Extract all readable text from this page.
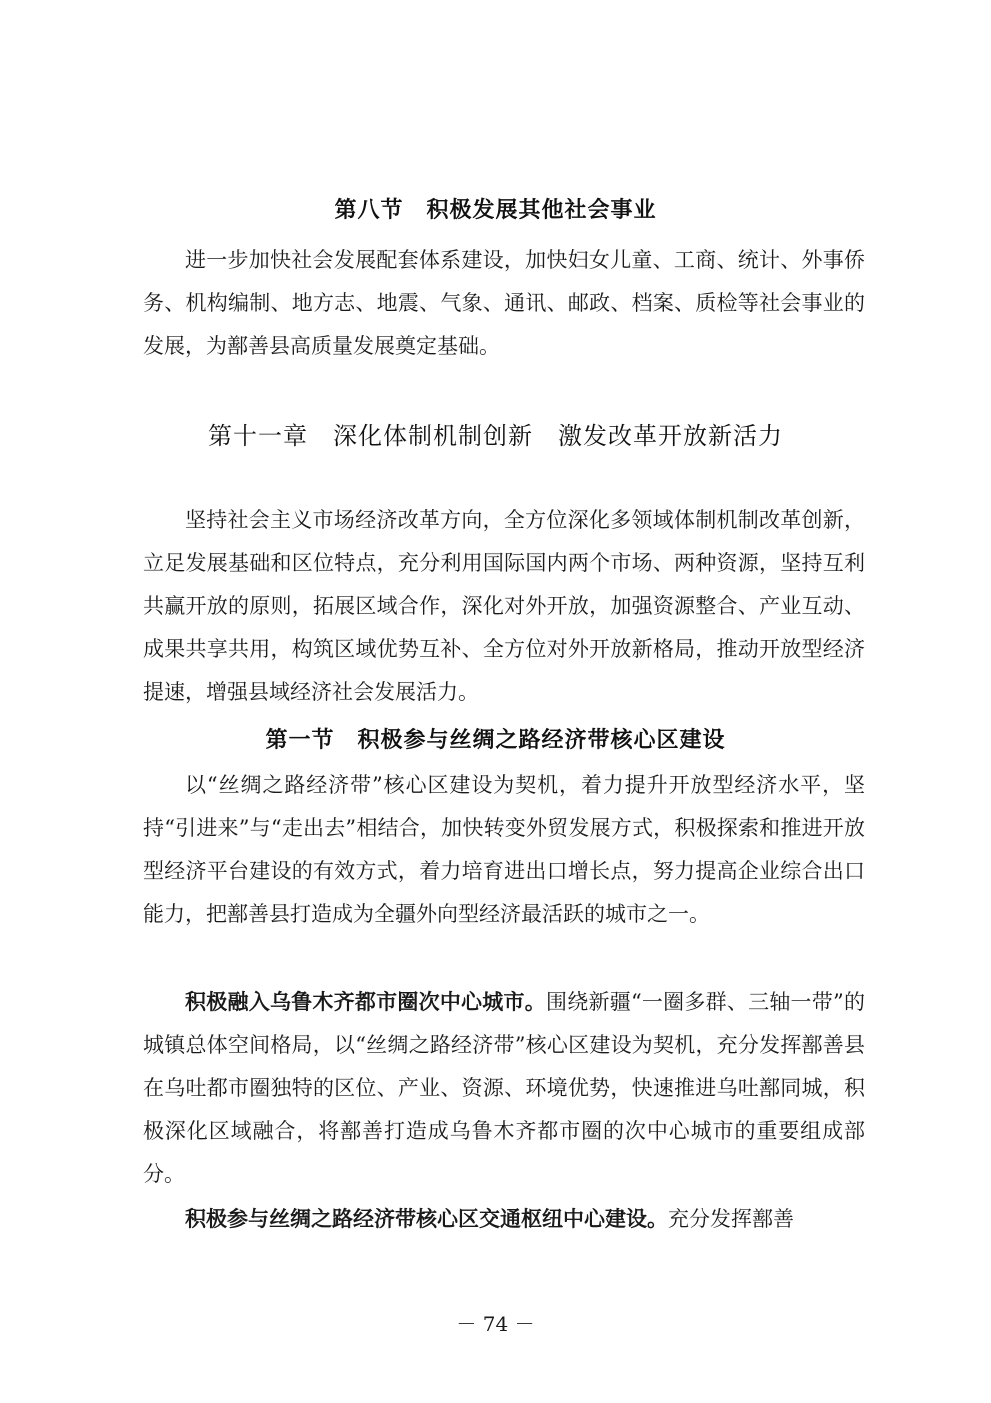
第八节　积极发展其他社会事业

进一步加快社会发展配套体系建设，加快妇女儿童、工商、统计、外事侨务、机构编制、地方志、地震、气象、通讯、邮政、档案、质检等社会事业的发展，为鄯善县高质量发展奠定基础。

第十一章　深化体制机制创新　激发改革开放新活力

坚持社会主义市场经济改革方向，全方位深化多领域体制机制改革创新，立足发展基础和区位特点，充分利用国际国内两个市场、两种资源，坚持互利共赢开放的原则，拓展区域合作，深化对外开放，加强资源整合、产业互动、成果共享共用，构筑区域优势互补、全方位对外开放新格局，推动开放型经济提速，增强县域经济社会发展活力。

第一节　积极参与丝绸之路经济带核心区建设

以“丝绸之路经济带”核心区建设为契机，着力提升开放型经济水平，坚持“引进来”与“走出去”相结合，加快转变外贸发展方式，积极探索和推进开放型经济平台建设的有效方式，着力培育进出口增长点，努力提高企业综合出口能力，把鄯善县打造成为全疆外向型经济最活跃的城市之一。

积极融入乌鲁木齐都市圈次中心城市。围绕新疆“一圈多群、三轴一带”的城镇总体空间格局，以“丝绸之路经济带”核心区建设为契机，充分发挥鄯善县在乌吐都市圈独特的区位、产业、资源、环境优势，快速推进乌吐鄯同城，积极深化区域融合，将鄯善打造成乌鲁木齐都市圈的次中心城市的重要组成部分。

积极参与丝绸之路经济带核心区交通枢纽中心建设。充分发挥鄯善

－ 74 －
